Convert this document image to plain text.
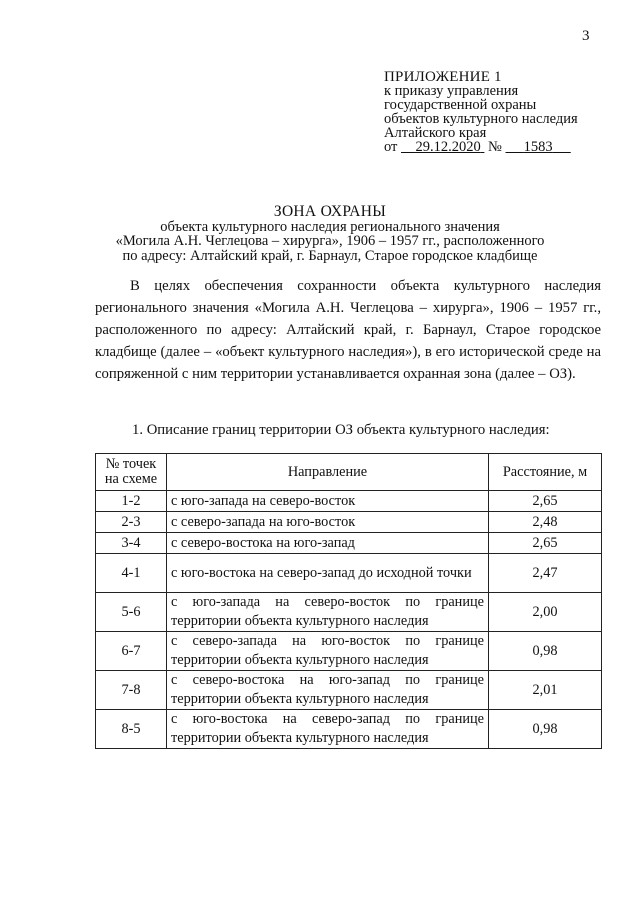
3
ПРИЛОЖЕНИЕ 1
к приказу управления
государственной охраны
объектов культурного наследия
Алтайского края
от 29.12.2020 № 1583
ЗОНА ОХРАНЫ
объекта культурного наследия регионального значения
«Могила А.Н. Чеглецова – хирурга», 1906 – 1957 гг., расположенного
по адресу: Алтайский край, г. Барнаул, Старое городское кладбище

В целях обеспечения сохранности объекта культурного наследия регионального значения «Могила А.Н. Чеглецова – хирурга», 1906 – 1957 гг., расположенного по адресу: Алтайский край, г. Барнаул, Старое городское кладбище (далее – «объект культурного наследия»), в его исторической среде на сопряженной с ним территории устанавливается охранная зона (далее – ОЗ).

1. Описание границ территории ОЗ объекта культурного наследия:

№ точек на схеме	Направление	Расстояние, м
1-2	с юго-запада на северо-восток	2,65
2-3	с северо-запада на юго-восток	2,48
3-4	с северо-востока на юго-запад	2,65
4-1	с юго-востока на северо-запад до исходной точки	2,47
5-6	с юго-запада на северо-восток по границе территории объекта культурного наследия	2,00
6-7	с северо-запада на юго-восток по границе территории объекта культурного наследия	0,98
7-8	с северо-востока на юго-запад по границе территории объекта культурного наследия	2,01
8-5	с юго-востока на северо-запад по границе территории объекта культурного наследия	0,98
